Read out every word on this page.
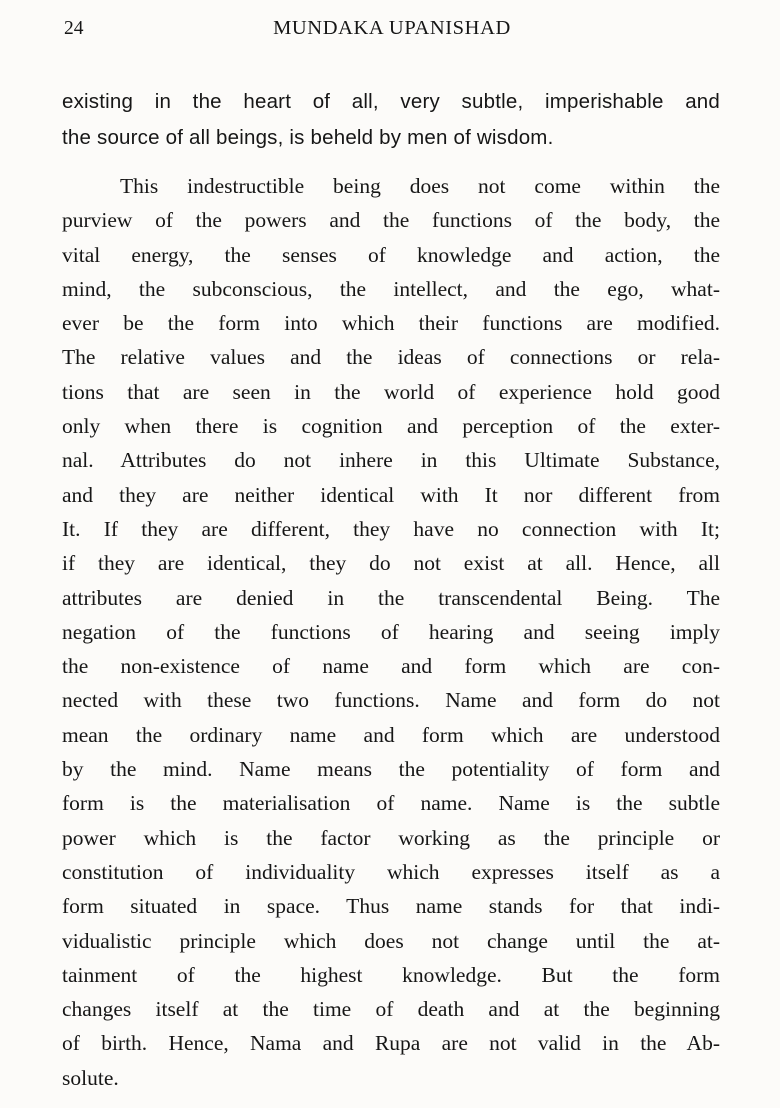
24	MUNDAKA UPANISHAD
existing in the heart of all, very subtle, imperishable and
the source of all beings, is beheld by men of wisdom.
This indestructible being does not come within the
purview of the powers and the functions of the body, the
vital energy, the senses of knowledge and action, the
mind, the subconscious, the intellect, and the ego, what-
ever be the form into which their functions are modified.
The relative values and the ideas of connections or rela-
tions that are seen in the world of experience hold good
only when there is cognition and perception of the exter-
nal. Attributes do not inhere in this Ultimate Substance,
and they are neither identical with It nor different from
It. If they are different, they have no connection with It;
if they are identical, they do not exist at all. Hence, all
attributes are denied in the transcendental Being. The
negation of the functions of hearing and seeing imply
the non-existence of name and form which are con-
nected with these two functions. Name and form do not
mean the ordinary name and form which are understood
by the mind. Name means the potentiality of form and
form is the materialisation of name. Name is the subtle
power which is the factor working as the principle or
constitution of individuality which expresses itself as a
form situated in space. Thus name stands for that indi-
vidualistic principle which does not change until the at-
tainment of the highest knowledge. But the form
changes itself at the time of death and at the beginning
of birth. Hence, Nama and Rupa are not valid in the Ab-
solute.
